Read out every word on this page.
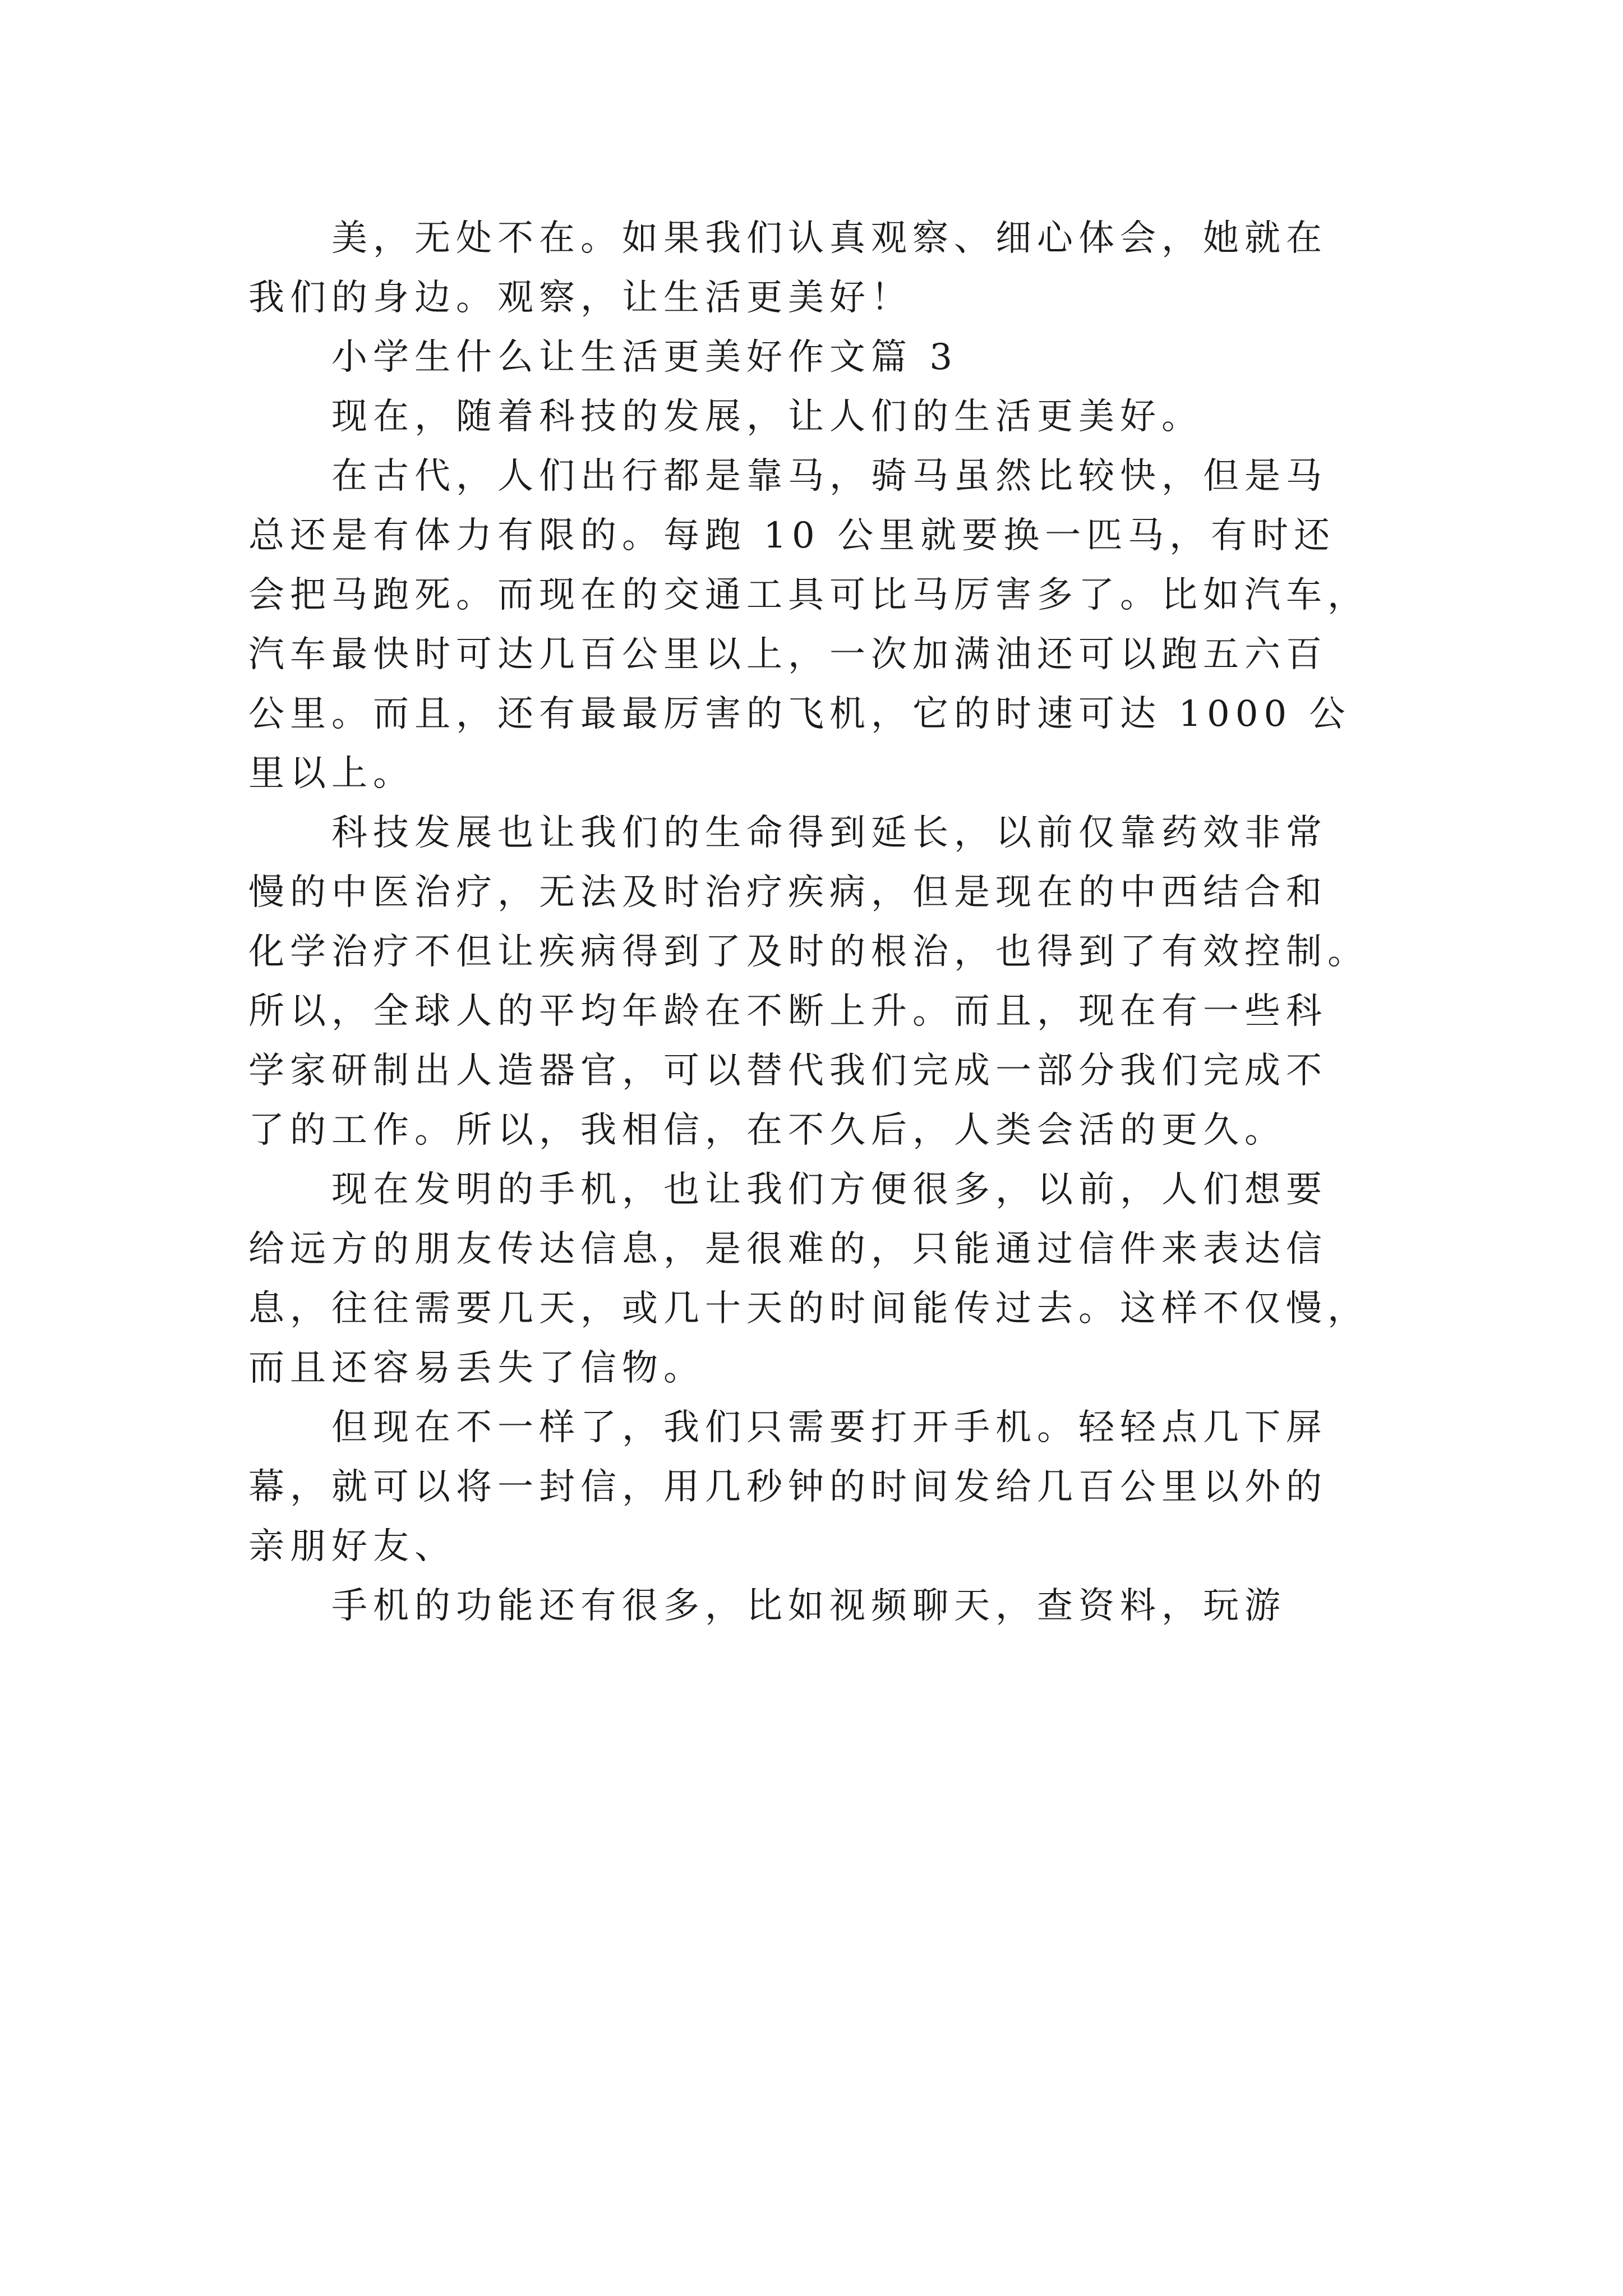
美，无处不在。如果我们认真观察、细心体会，她就在
我们的身边。观察，让生活更美好！
小学生什么让生活更美好作文篇 3
现在，随着科技的发展，让人们的生活更美好。
在古代，人们出行都是靠马，骑马虽然比较快，但是马
总还是有体力有限的。每跑 10 公里就要换一匹马，有时还
会把马跑死。而现在的交通工具可比马厉害多了。比如汽车，
汽车最快时可达几百公里以上，一次加满油还可以跑五六百
公里。而且，还有最最厉害的飞机，它的时速可达 1000 公
里以上。
科技发展也让我们的生命得到延长，以前仅靠药效非常
慢的中医治疗，无法及时治疗疾病，但是现在的中西结合和
化学治疗不但让疾病得到了及时的根治，也得到了有效控制。
所以，全球人的平均年龄在不断上升。而且，现在有一些科
学家研制出人造器官，可以替代我们完成一部分我们完成不
了的工作。所以，我相信，在不久后，人类会活的更久。
现在发明的手机，也让我们方便很多，以前，人们想要
给远方的朋友传达信息，是很难的，只能通过信件来表达信
息，往往需要几天，或几十天的时间能传过去。这样不仅慢，
而且还容易丢失了信物。
但现在不一样了，我们只需要打开手机。轻轻点几下屏
幕，就可以将一封信，用几秒钟的时间发给几百公里以外的
亲朋好友、
手机的功能还有很多，比如视频聊天，查资料，玩游
